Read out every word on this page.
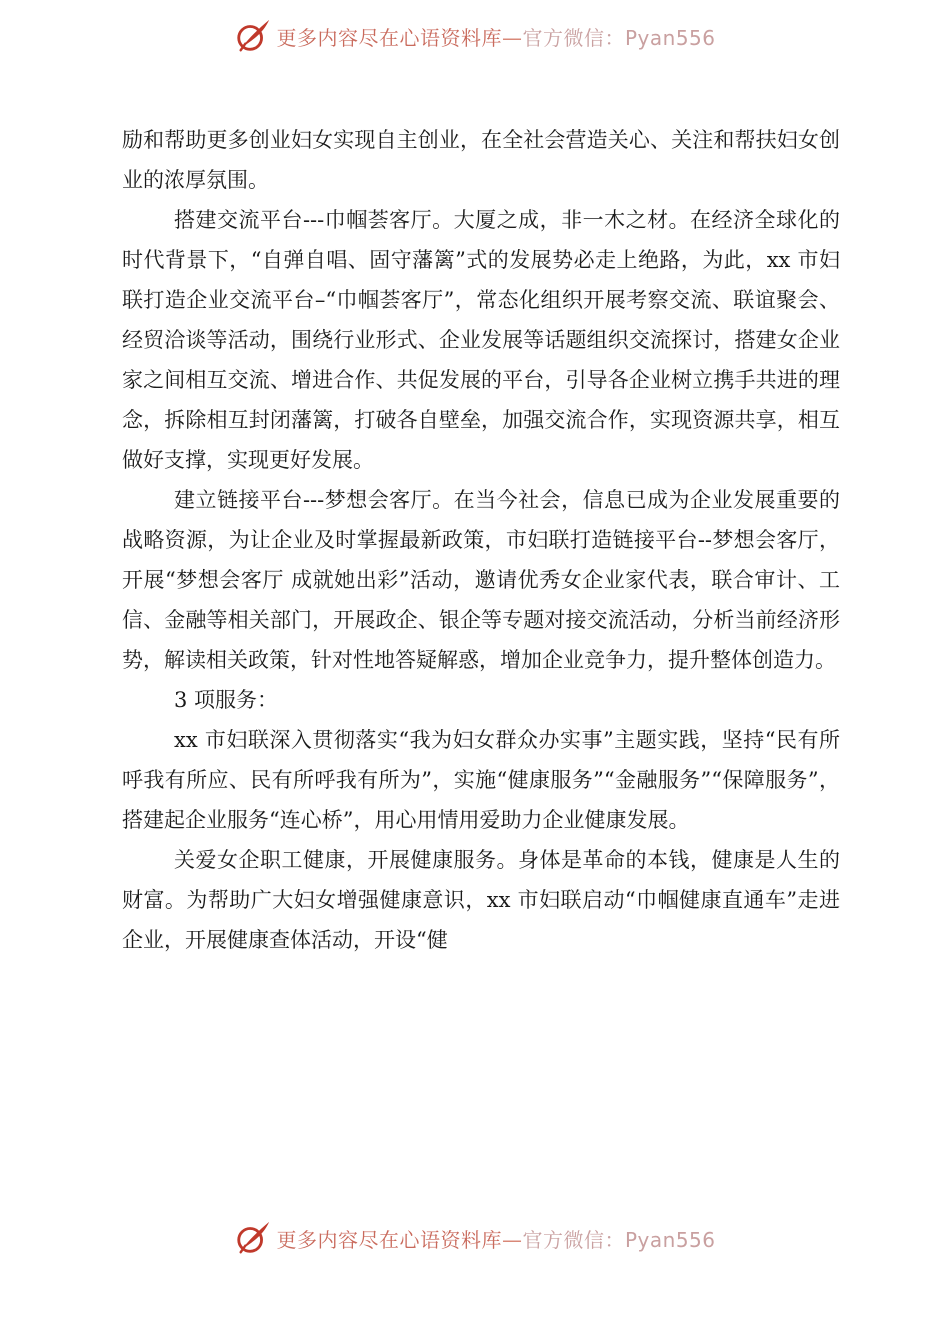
更多内容尽在心语资料库—官方微信：Pyan556

励和帮助更多创业妇女实现自主创业，在全社会营造关心、关注和帮扶妇女创业的浓厚氛围。

搭建交流平台---巾帼荟客厅。大厦之成，非一木之材。在经济全球化的时代背景下，“自弹自唱、固守藩篱”式的发展势必走上绝路，为此，xx 市妇联打造企业交流平台–“巾帼荟客厅”，常态化组织开展考察交流、联谊聚会、经贸洽谈等活动，围绕行业形式、企业发展等话题组织交流探讨，搭建女企业家之间相互交流、增进合作、共促发展的平台，引导各企业树立携手共进的理念，拆除相互封闭藩篱，打破各自壁垒，加强交流合作，实现资源共享，相互做好支撑，实现更好发展。

建立链接平台---梦想会客厅。在当今社会，信息已成为企业发展重要的战略资源，为让企业及时掌握最新政策，市妇联打造链接平台--梦想会客厅，开展“梦想会客厅 成就她出彩”活动，邀请优秀女企业家代表，联合审计、工信、金融等相关部门，开展政企、银企等专题对接交流活动，分析当前经济形势，解读相关政策，针对性地答疑解惑，增加企业竞争力，提升整体创造力。

3 项服务：

xx 市妇联深入贯彻落实“我为妇女群众办实事”主题实践，坚持“民有所呼我有所应、民有所呼我有所为”，实施“健康服务”“金融服务”“保障服务”，搭建起企业服务“连心桥”，用心用情用爱助力企业健康发展。

关爱女企职工健康，开展健康服务。身体是革命的本钱，健康是人生的财富。为帮助广大妇女增强健康意识，xx 市妇联启动“巾帼健康直通车”走进企业，开展健康查体活动，开设“健

更多内容尽在心语资料库—官方微信：Pyan556
